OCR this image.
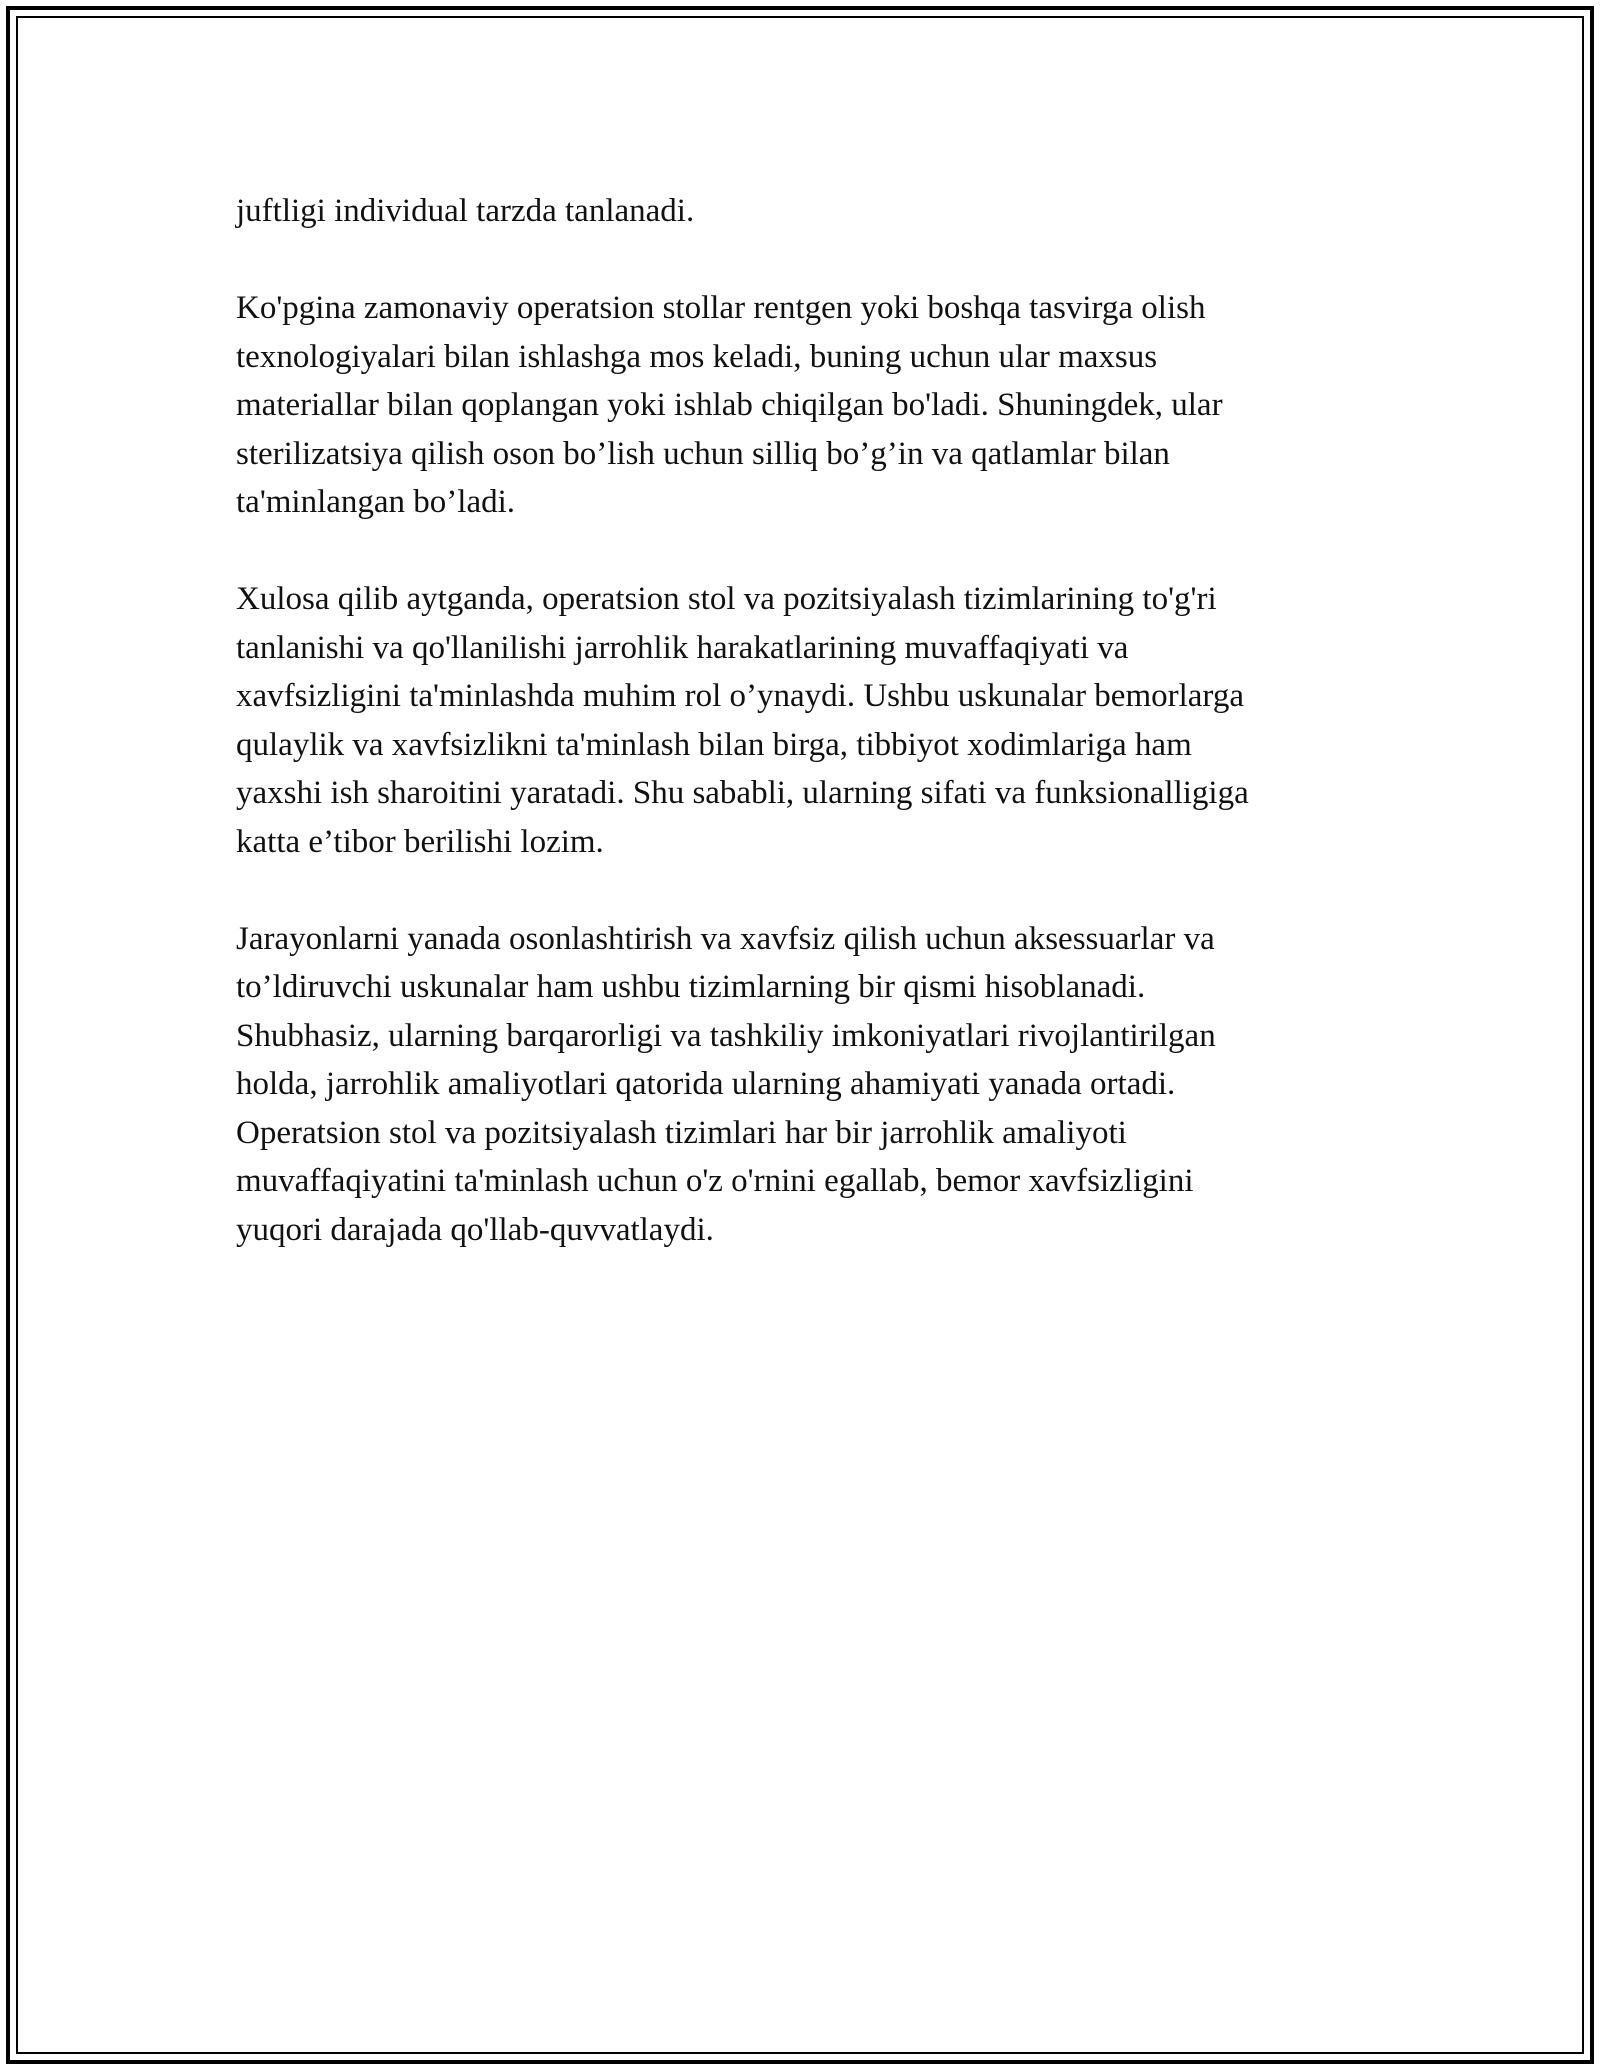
juftligi individual tarzda tanlanadi.

Ko'pgina zamonaviy operatsion stollar rentgen yoki boshqa tasvirga olish
texnologiyalari bilan ishlashga mos keladi, buning uchun ular maxsus
materiallar bilan qoplangan yoki ishlab chiqilgan bo'ladi. Shuningdek, ular
sterilizatsiya qilish oson bo’lish uchun silliq bo’g’in va qatlamlar bilan
ta'minlangan bo’ladi.

Xulosa qilib aytganda, operatsion stol va pozitsiyalash tizimlarining to'g'ri
tanlanishi va qo'llanilishi jarrohlik harakatlarining muvaffaqiyati va
xavfsizligini ta'minlashda muhim rol o’ynaydi. Ushbu uskunalar bemorlarga
qulaylik va xavfsizlikni ta'minlash bilan birga, tibbiyot xodimlariga ham
yaxshi ish sharoitini yaratadi. Shu sababli, ularning sifati va funksionalligiga
katta e’tibor berilishi lozim.

Jarayonlarni yanada osonlashtirish va xavfsiz qilish uchun aksessuarlar va
to’ldiruvchi uskunalar ham ushbu tizimlarning bir qismi hisoblanadi.
Shubhasiz, ularning barqarorligi va tashkiliy imkoniyatlari rivojlantirilgan
holda, jarrohlik amaliyotlari qatorida ularning ahamiyati yanada ortadi.
Operatsion stol va pozitsiyalash tizimlari har bir jarrohlik amaliyoti
muvaffaqiyatini ta'minlash uchun o'z o'rnini egallab, bemor xavfsizligini
yuqori darajada qo'llab-quvvatlaydi.
